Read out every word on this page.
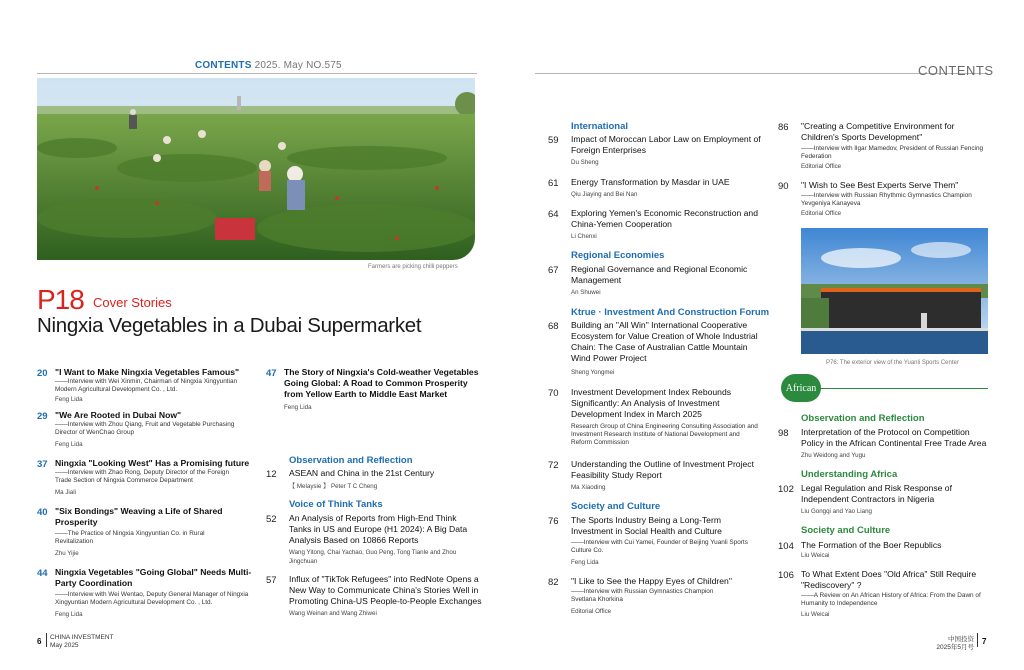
CONTENTS 2025. May NO.575	CONTENTS
Farmers are picking chilli peppers
P18 Cover Stories
Ningxia Vegetables in a Dubai Supermarket
20 "I Want to Make Ningxia Vegetables Famous"
——Interview with Wei Xinmin, Chairman of Ningxia Xingyuntian Modern Agricultural Development Co. , Ltd.
Feng Lida
29 "We Are Rooted in Dubai Now"
——Interview with Zhou Qiang, Fruit and Vegetable Purchasing Director of WenChao Group
Feng Lida
37 Ningxia "Looking West" Has a Promising future
——Interview with Zhao Rong, Deputy Director of the Foreign Trade Section of Ningxia Commerce Department
Ma Jiali
40 "Six Bondings" Weaving a Life of Shared Prosperity
——The Practice of Ningxia Xingyuntian Co. in Rural Revitalization
Zhu Yijie
44 Ningxia Vegetables "Going Global" Needs Multi-Party Coordination
——Interview with Wei Wentao, Deputy General Manager of Ningxia Xingyuntian Modern Agricultural Development Co. , Ltd.
Feng Lida
47 The Story of Ningxia's Cold-weather Vegetables Going Global: A Road to Common Prosperity from Yellow Earth to Middle East Market
Feng Lida
Observation and Reflection
12 ASEAN and China in the 21st Century
【 Melaysie 】 Peter T C Cheng
Voice of Think Tanks
52 An Analysis of Reports from High-End Think Tanks in US and Europe (H1 2024): A Big Data Analysis Based on 10866 Reports
Wang Yitong, Chai Yachao, Guo Peng, Tong Tianle and Zhou Jingchuan
57 Influx of "TikTok Refugees" into RedNote Opens a New Way to Communicate China's Stories Well in Promoting China-US People-to-People Exchanges
Wang Weinan and Wang Zhiwei
International
59 Impact of Moroccan Labor Law on Employment of Foreign Enterprises
Du Sheng
61 Energy Transformation by Masdar in UAE
Qiu Jiaying and Bei Nan
64 Exploring Yemen's Economic Reconstruction and China-Yemen Cooperation
Li Chenxi
Regional Economies
67 Regional Governance and Regional Economic Management
An Shuwei
Ktrue · Investment And Construction Forum
68 Building an "All Win" International Cooperative Ecosystem for Value Creation of Whole Industrial Chain: The Case of Australian Cattle Mountain Wind Power Project
Sheng Yongmei
70 Investment Development Index Rebounds Significantly: An Analysis of Investment Development Index in March 2025
Research Group of China Engineering Consulting Association and Investment Research Institute of National Development and Reform Commission
72 Understanding the Outline of Investment Project Feasibility Study Report
Ma Xiaoding
Society and Culture
76 The Sports Industry Being a Long-Term Investment in Social Health and Culture
——Interview with Cui Yamei, Founder of Beijing Yuanli Sports Culture Co.
Feng Lida
82 "I Like to See the Happy Eyes of Children"
——Interview with Russian Gymnastics Champion Svetlana Khorkina
Editorial Office
86 "Creating a Competitive Environment for Children's Sports Development"
——Interview with Ilgar Mamedov, President of Russian Fencing Federation
Editorial Office
90 "I Wish to See Best Experts Serve Them"
——Interview with Russian Rhythmic Gymnastics Champion Yevgeniya Kanayeva
Editorial Office
P76: The exterior view of the Yuanli Sports Center
African
Observation and Reflection
98 Interpretation of the Protocol on Competition Policy in the African Continental Free Trade Area
Zhu Weidong and Yugu
Understanding Africa
102 Legal Regulation and Risk Response of Independent Contractors in Nigeria
Liu Gongqi and Yao Liang
Society and Culture
104 The Formation of the Boer Republics
Liu Weicai
106 To What Extent Does "Old Africa" Still Require "Rediscovery" ?
——A Review on An African History of Africa: From the Dawn of Humanity to Independence
Liu Weicai
6 CHINA INVESTMENT
May 2025
中国投资
2025年5月号
7
